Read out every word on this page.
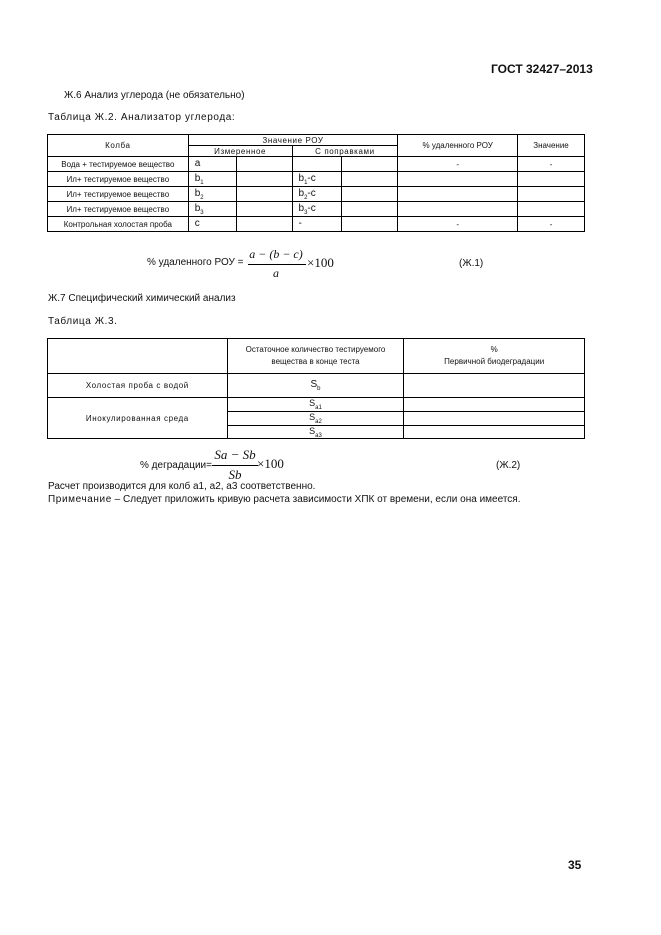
ГОСТ 32427–2013
Ж.6 Анализ углерода (не обязательно)
Таблица Ж.2. Анализатор углерода:
Колба	Значение РОУ				% удаленного РОУ	Значение
	Измеренное		С поправками			
Вода + тестируемое вещество	a				-	-
Ил+ тестируемое вещество	$b_1$		$b_1-c$			
Ил+ тестируемое вещество	$b_2$		$b_2-c$			
Ил+ тестируемое вещество	$b_3$		$b_3-c$			
Контрольная холостая проба	c		-		-	-
% удаленного РОУ =
a − (b − c)
a
×100	(Ж.1)
Ж.7 Специфический химический анализ
Таблица Ж.3.
	Остаточное количество тестируемого вещества в конце теста	%
Первичной биодеградации

Холостая проба с водой	$S_b$	
Инокулированная среда	$S_{a1}$	
	$S_{a2}$	
	$S_{a3}$	
% деградации=
Sa − Sb
Sb
×100	(Ж.2)
Расчет производится для колб a1, a2, a3 соответственно.
Примечание – Следует приложить кривую расчета зависимости ХПК от времени, если она имеется.
35
